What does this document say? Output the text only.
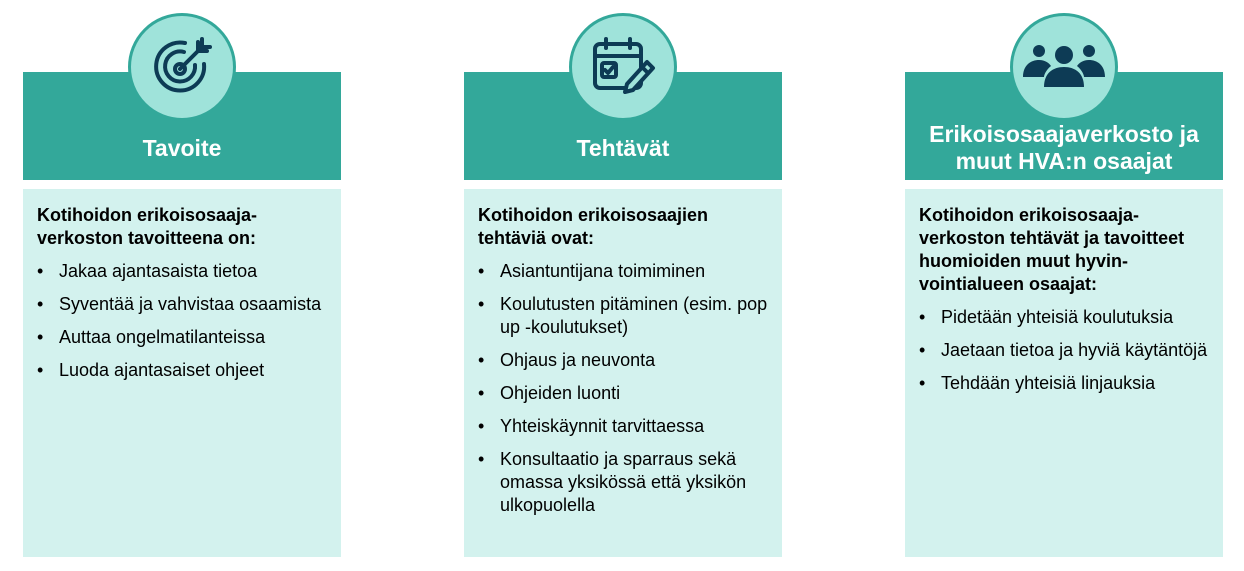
Tavoite

Kotihoidon erikoisosaaja-verkoston tavoitteena on:

• Jakaa ajantasaista tietoa
• Syventää ja vahvistaa osaamista
• Auttaa ongelmatilanteissa
• Luoda ajantasaiset ohjeet
Tehtävät

Kotihoidon erikoisosaajien tehtäviä ovat:

• Asiantuntijana toimiminen
• Koulutusten pitäminen (esim. pop up -koulutukset)
• Ohjaus ja neuvonta
• Ohjeiden luonti
• Yhteiskäynnit tarvittaessa
• Konsultaatio ja sparraus sekä omassa yksikössä että yksikön ulkopuolella
Erikoisosaajaverkosto ja muut HVA:n osaajat

Kotihoidon erikoisosaaja-verkoston tehtävät ja tavoitteet huomioiden muut hyvin-vointialueen osaajat:

• Pidetään yhteisiä koulutuksia
• Jaetaan tietoa ja hyviä käytäntöjä
• Tehdään yhteisiä linjauksia
